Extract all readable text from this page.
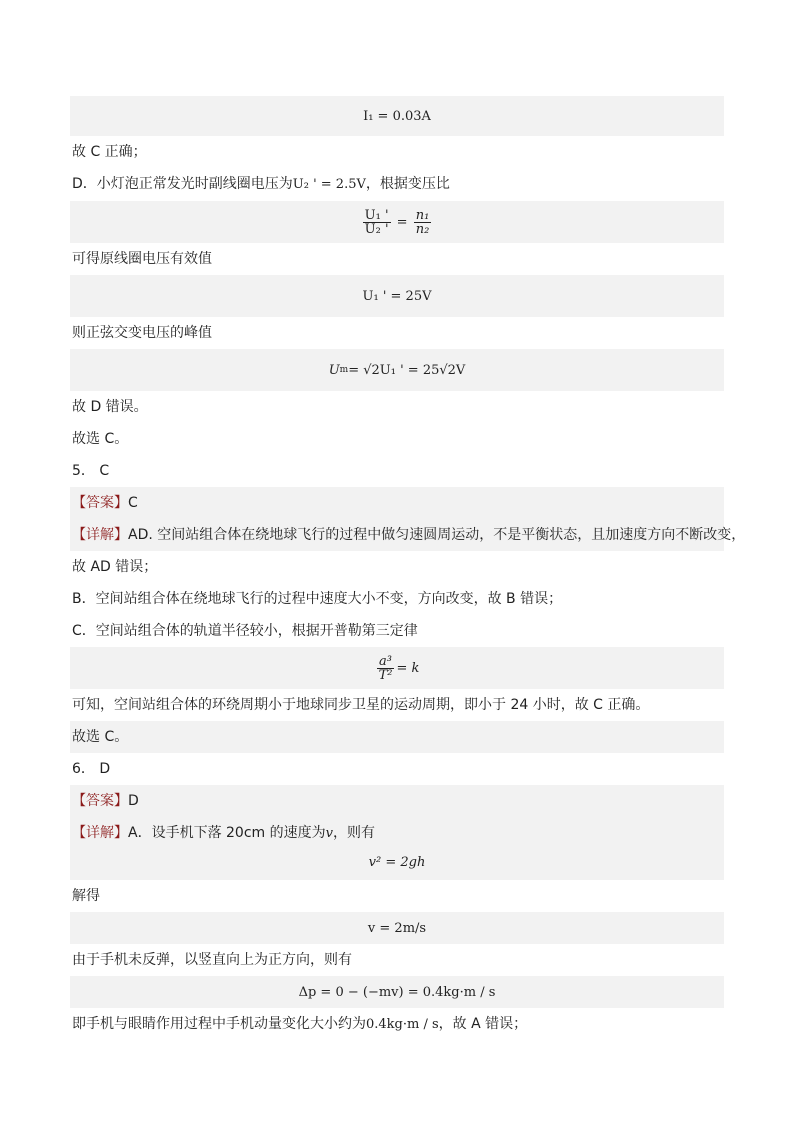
I₁ = 0.03A
故 C 正确；
D．小灯泡正常发光时副线圈电压为U₂ ' = 2.5V，根据变压比
$\frac{\text{U₁ '}}{\text{U₂ '}} = \frac{\text{n₁}}{\text{n₂}}$
可得原线圈电压有效值
U₁ ' = 25V
则正弦交变电压的峰值
U m = √2U₁ ' = 25√2V
故 D 错误。
故选 C。
5． C
【答案】C
【详解】AD. 空间站组合体在绕地球飞行的过程中做匀速圆周运动，不是平衡状态，且加速度方向不断改变，
故 AD 错误；
B．空间站组合体在绕地球飞行的过程中速度大小不变，方向改变，故 B 错误；
C．空间站组合体的轨道半径较小，根据开普勒第三定律
$\frac{\text{a³}}{\text{T²}} = k$
可知，空间站组合体的环绕周期小于地球同步卫星的运动周期，即小于 24 小时，故 C 正确。
故选 C。
6． D
【答案】D
【详解】A．设手机下落 20cm 的速度为v，则有
v² = 2gh
解得
v = 2m/s
由于手机未反弹，以竖直向上为正方向，则有
Δp = 0 − (−mv) = 0.4kg·m / s
即手机与眼睛作用过程中手机动量变化大小约为0.4kg·m / s，故 A 错误；
